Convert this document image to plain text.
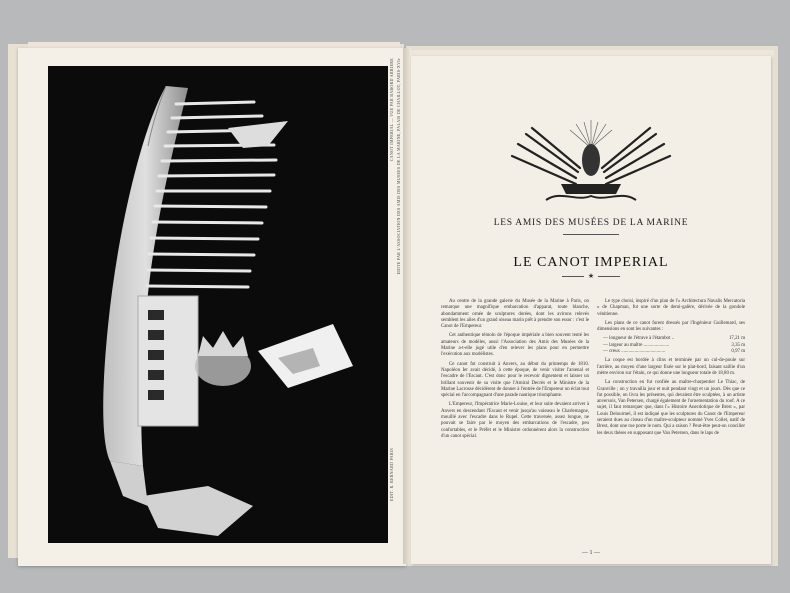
CANOT IMPERIAL — VUE PAR BABORD ARRIERE EDITE PAR L'ASSOCIATION DES AMIS DES MUSEES DE LA MARINE, PALAIS DE CHAILLOT, PARIS-XVIe
EDIT. R. BERNARD PARIS
LES AMIS DES MUSÉES DE LA MARINE
LE CANOT IMPERIAL
★

Au centre de la grande galerie du Musée de la Marine à Paris, on remarque une magnifique embarcation d'apparat, toute blanche, abondamment ornée de sculptures dorées, dont les avirons relevés semblent les ailes d'un grand oiseau marin prêt à prendre son essor : c'est le Canot de l'Empereur.

Cet authentique témoin de l'époque impériale a bien souvent tenté les amateurs de modèles, aussi l'Association des Amis des Musées de la Marine a-t-elle jugé utile d'en relever les plans pour en permettre l'exécution aux modélistes.

Ce canot fut construit à Anvers, au début du printemps de 1810. Napoléon Ier avait décidé, à cette époque, de venir visiter l'arsenal et l'escadre de l'Escaut. C'est donc pour le recevoir dignement et laisser un brillant souvenir de sa visite que l'Amiral Decrès et le Ministre de la Marine Lacrosse décidèrent de donner à l'entrée de l'Empereur un éclat tout spécial en l'accompagnant d'une parade nautique triomphante.

L'Empereur, l'Impératrice Marie-Louise, et leur suite devaient arriver à Anvers en descendant l'Escaut et venir jusqu'au vaisseau le Charlemagne, mouillé avec l'escadre dans le Rupel. Cette traversée, assez longue, ne pouvait se faire par le moyen des embarcations de l'escadre, peu confortables, et le Préfet et le Ministre ordonnèrent alors la construction d'un canot spécial.

Le type choisi, inspiré d'un plan de l'« Architectura Navalis Mercatoria » de Chapman, fut une sorte de demi-galère, dérivée de la gondole vénitienne.

Les plans de ce canot furent dressés par l'Ingénieur Guillemard, ses dimensions en sont les suivantes :

— longueur de l'étrave à l'étambot ..	17,21 m
— largeur au maître .....................	3,35 m
— creux ....................................	0,97 m

La coque est bordée à clins et terminée par un cul-de-poule sur l'arrière, au moyen d'une largeur fixée sur le plat-bord, faisant saillie d'un mètre environ sur l'étain, ce qui donne une longueur totale de 18,80 m.

La construction en fut confiée au maître-charpentier Le Thiac, de Granville ; on y travailla jour et nuit pendant vingt et un jours. Dès que ce fut possible, on livra les présentes, qui devaient être sculptées, à un artiste anversois, Van Petersen, chargé également de l'ornementation du roof. A ce sujet, il faut remarquer que, dans l'« Histoire Anecdotique de Brest », par Louis Delourmel, il est indiqué que les sculptures du Canot de l'Empereur seraient dues au ciseau d'un maître-sculpteur nommé Yves Collet, natif de Brest, dont une rue porte le nom. Qui a raison ? Peut-être peut-on concilier les deux thèses en supposant que Van Petersen, dans le laps de

— 1 —
